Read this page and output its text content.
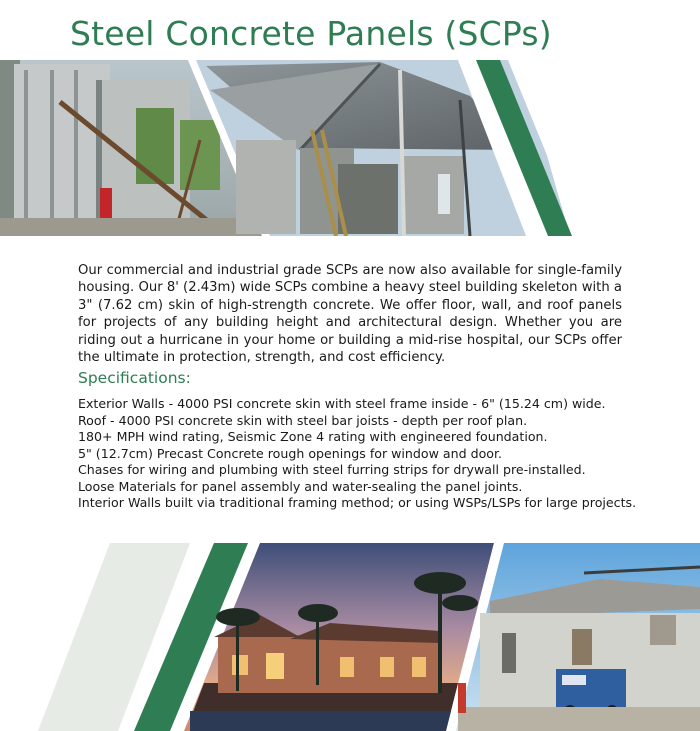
Steel Concrete Panels (SCPs)
Our commercial and industrial grade SCPs are now also available for single-family housing. Our 8' (2.43m) wide SCPs combine a heavy steel building skeleton with a 3" (7.62 cm) skin of high-strength concrete. We offer floor, wall, and roof panels for projects of any building height and architectural design. Whether you are riding out a hurricane in your home or building a mid-rise hospital, our SCPs offer the ultimate in protection, strength, and cost efficiency.
Specifications:
Exterior Walls - 4000 PSI concrete skin with steel frame inside - 6" (15.24 cm) wide.
Roof - 4000 PSI concrete skin with steel bar joists - depth per roof plan.
180+ MPH wind rating, Seismic Zone 4 rating with engineered foundation.
5" (12.7cm) Precast Concrete rough openings for window and door.
Chases for wiring and plumbing with steel furring strips for drywall pre-installed.
Loose Materials for panel assembly and water-sealing the panel joints.
Interior Walls built via traditional framing method; or using WSPs/LSPs for large projects.
